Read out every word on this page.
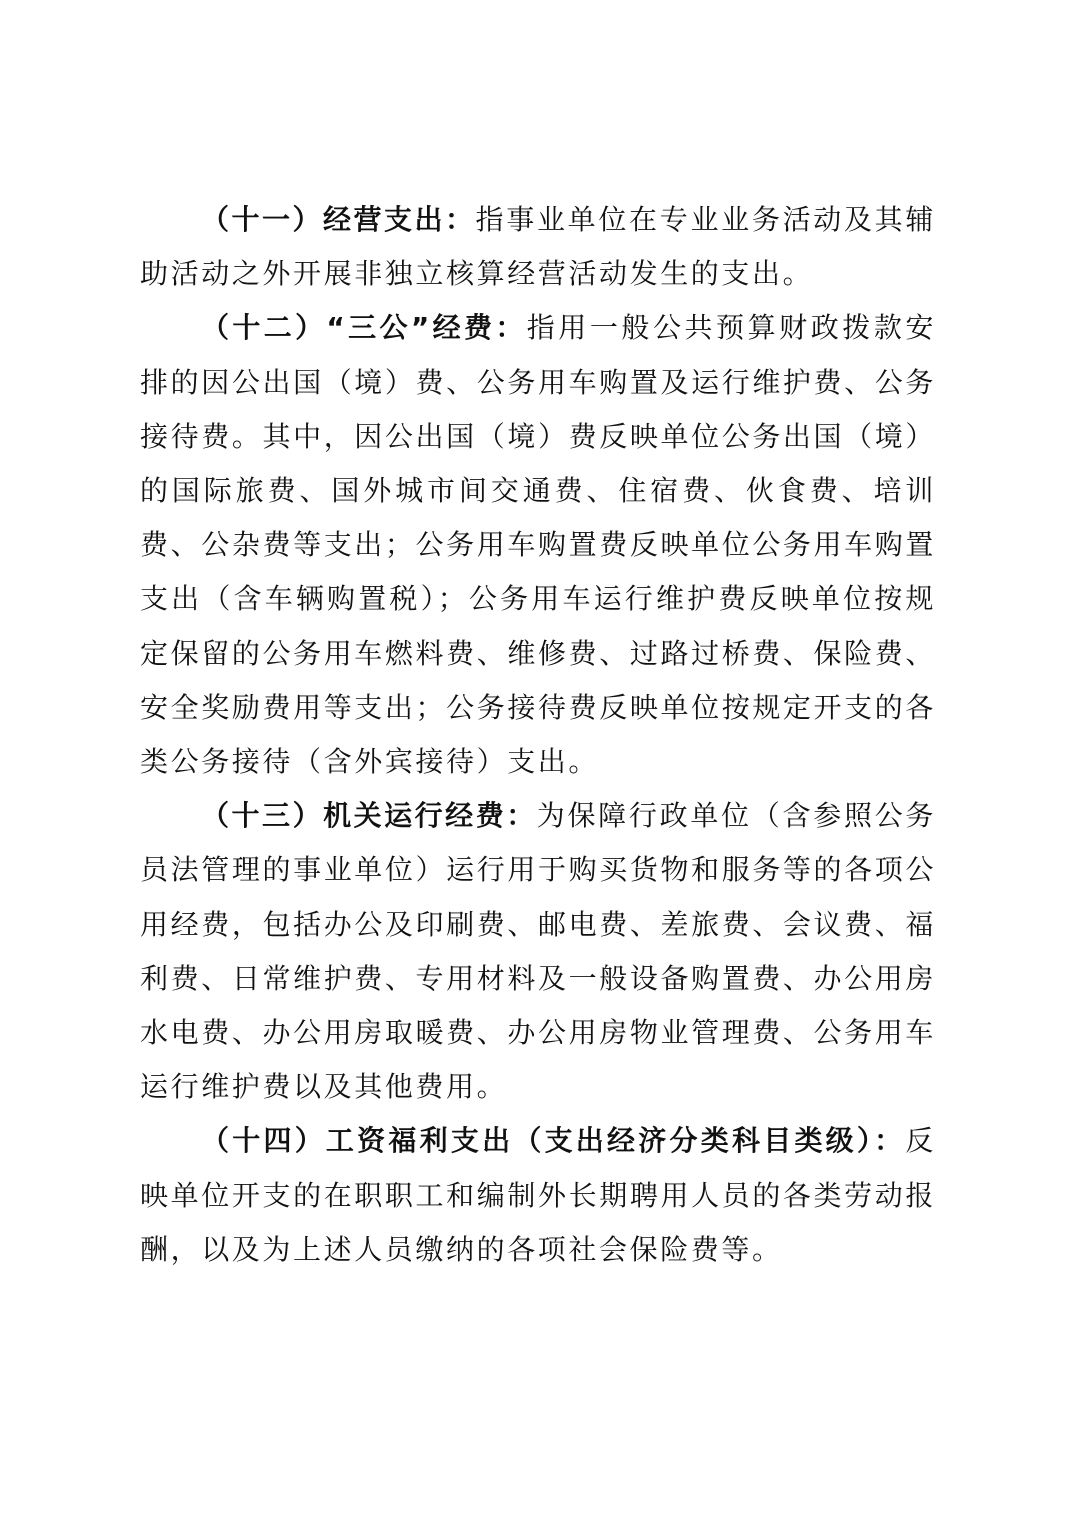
（十一）经营支出：指事业单位在专业业务活动及其辅助活动之外开展非独立核算经营活动发生的支出。

（十二）“三公”经费：指用一般公共预算财政拨款安排的因公出国（境）费、公务用车购置及运行维护费、公务接待费。其中，因公出国（境）费反映单位公务出国（境）的国际旅费、国外城市间交通费、住宿费、伙食费、培训费、公杂费等支出；公务用车购置费反映单位公务用车购置支出（含车辆购置税）；公务用车运行维护费反映单位按规定保留的公务用车燃料费、维修费、过路过桥费、保险费、安全奖励费用等支出；公务接待费反映单位按规定开支的各类公务接待（含外宾接待）支出。

（十三）机关运行经费：为保障行政单位（含参照公务员法管理的事业单位）运行用于购买货物和服务等的各项公用经费，包括办公及印刷费、邮电费、差旅费、会议费、福利费、日常维护费、专用材料及一般设备购置费、办公用房水电费、办公用房取暖费、办公用房物业管理费、公务用车运行维护费以及其他费用。

（十四）工资福利支出（支出经济分类科目类级）：反映单位开支的在职职工和编制外长期聘用人员的各类劳动报酬，以及为上述人员缴纳的各项社会保险费等。
